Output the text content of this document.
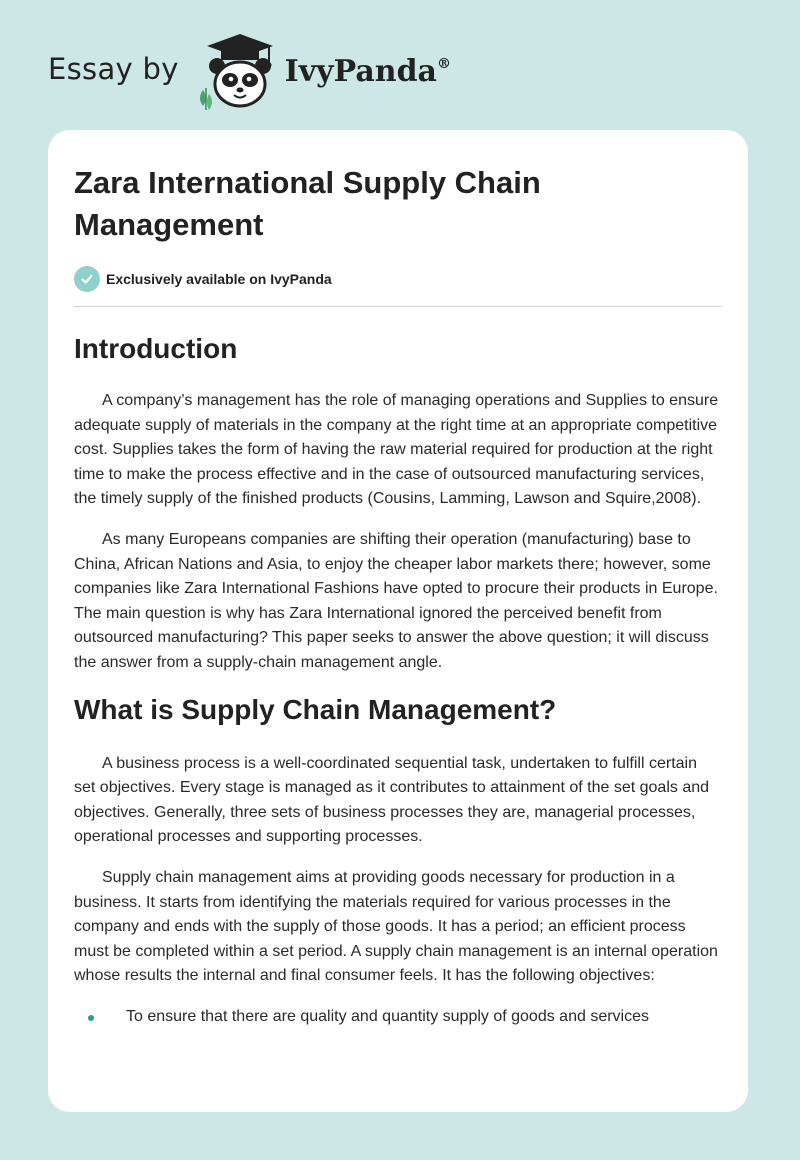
Essay by	IvyPanda®
Zara International Supply Chain Management
Exclusively available on IvyPanda
Introduction

A company’s management has the role of managing operations and Supplies to ensure adequate supply of materials in the company at the right time at an appropriate competitive cost. Supplies takes the form of having the raw material required for production at the right time to make the process effective and in the case of outsourced manufacturing services, the timely supply of the finished products (Cousins, Lamming, Lawson and Squire,2008).

As many Europeans companies are shifting their operation (manufacturing) base to China, African Nations and Asia, to enjoy the cheaper labor markets there; however, some companies like Zara International Fashions have opted to procure their products in Europe. The main question is why has Zara International ignored the perceived benefit from outsourced manufacturing? This paper seeks to answer the above question; it will discuss the answer from a supply-chain management angle.

What is Supply Chain Management?

A business process is a well-coordinated sequential task, undertaken to fulfill certain set objectives. Every stage is managed as it contributes to attainment of the set goals and objectives. Generally, three sets of business processes they are, managerial processes, operational processes and supporting processes.

Supply chain management aims at providing goods necessary for production in a business. It starts from identifying the materials required for various processes in the company and ends with the supply of those goods. It has a period; an efficient process must be completed within a set period. A supply chain management is an internal operation whose results the internal and final consumer feels. It has the following objectives:

To ensure that there are quality and quantity supply of goods and services
